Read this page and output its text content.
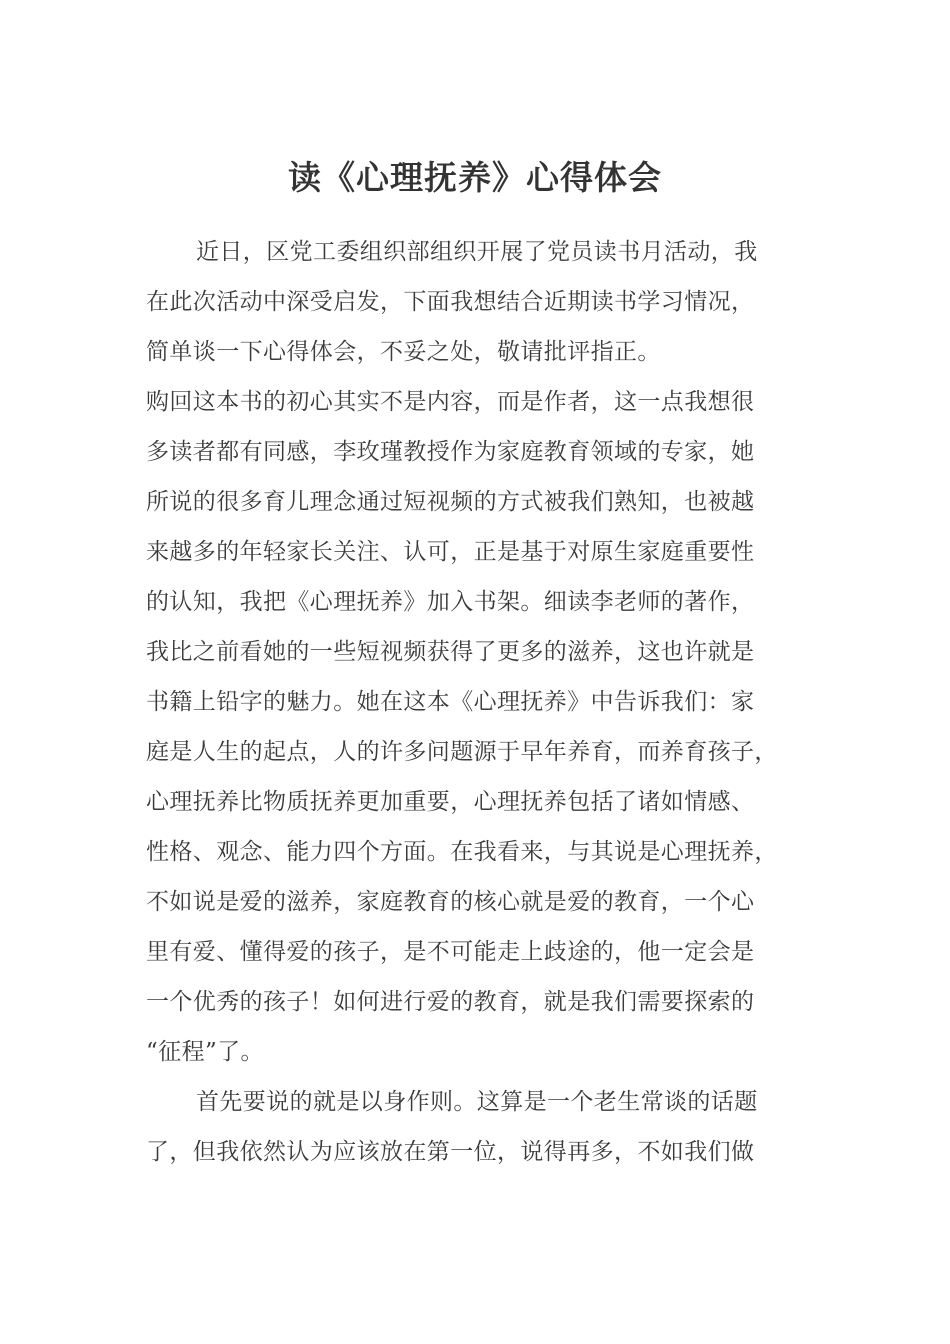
读《心理抚养》心得体会
近日，区党工委组织部组织开展了党员读书月活动，我
在此次活动中深受启发，下面我想结合近期读书学习情况，
简单谈一下心得体会，不妥之处，敬请批评指正。
购回这本书的初心其实不是内容，而是作者，这一点我想很
多读者都有同感，李玫瑾教授作为家庭教育领域的专家，她
所说的很多育儿理念通过短视频的方式被我们熟知，也被越
来越多的年轻家长关注、认可，正是基于对原生家庭重要性
的认知，我把《心理抚养》加入书架。细读李老师的著作，
我比之前看她的一些短视频获得了更多的滋养，这也许就是
书籍上铅字的魅力。她在这本《心理抚养》中告诉我们：家
庭是人生的起点，人的许多问题源于早年养育，而养育孩子，
心理抚养比物质抚养更加重要，心理抚养包括了诸如情感、
性格、观念、能力四个方面。在我看来，与其说是心理抚养，
不如说是爱的滋养，家庭教育的核心就是爱的教育，一个心
里有爱、懂得爱的孩子，是不可能走上歧途的，他一定会是
一个优秀的孩子！如何进行爱的教育，就是我们需要探索的
“征程”了。
首先要说的就是以身作则。这算是一个老生常谈的话题
了，但我依然认为应该放在第一位，说得再多，不如我们做
